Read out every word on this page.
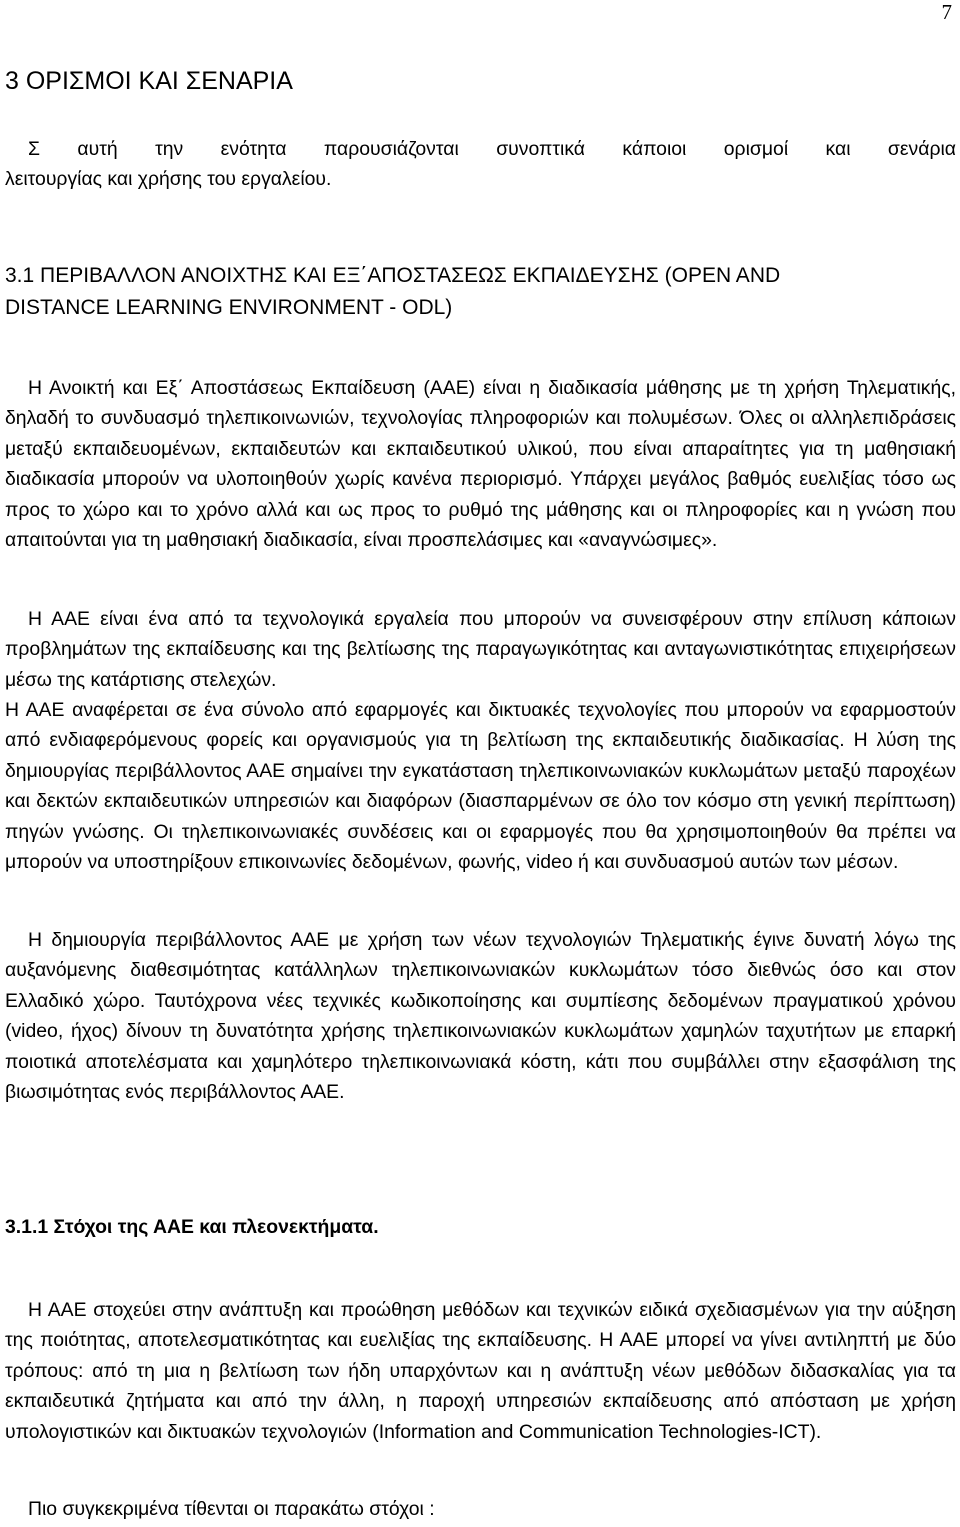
7
3 ΟΡΙΣΜΟΙ ΚΑΙ ΣΕΝΑΡΙΑ

Σ αυτή την ενότητα παρουσιάζονται συνοπτικά κάποιοι ορισμοί και σενάρια
λειτουργίας και χρήσης του εργαλείου.

3.1 ΠΕΡΙΒΑΛΛΟΝ ΑΝΟΙΧΤΗΣ ΚΑΙ ΕΞ΄ΑΠΟΣΤΑΣΕΩΣ ΕΚΠΑΙΔΕΥΣΗΣ (OPEN AND
DISTANCE LEARNING ENVIRONMENT - ODL)

Η Ανοικτή και Εξ΄ Αποστάσεως Εκπαίδευση (ΑΑΕ) είναι η διαδικασία μάθησης με τη χρήση Τηλεματικής, δηλαδή το συνδυασμό τηλεπικοινωνιών, τεχνολογίας πληροφοριών και πολυμέσων. Όλες οι αλληλεπιδράσεις μεταξύ εκπαιδευομένων, εκπαιδευτών και εκπαιδευτικού υλικού, που είναι απαραίτητες για τη μαθησιακή διαδικασία μπορούν να υλοποιηθούν χωρίς κανένα περιορισμό. Υπάρχει μεγάλος βαθμός ευελιξίας τόσο ως προς το χώρο και το χρόνο αλλά και ως προς το ρυθμό της μάθησης και οι πληροφορίες και η γνώση που απαιτούνται για τη μαθησιακή διαδικασία, είναι προσπελάσιμες και «αναγνώσιμες».

Η ΑΑΕ είναι ένα από τα τεχνολογικά εργαλεία που μπορούν να συνεισφέρουν στην επίλυση κάποιων προβλημάτων της εκπαίδευσης και της βελτίωσης της παραγωγικότητας και ανταγωνιστικότητας επιχειρήσεων μέσω της κατάρτισης στελεχών.

Η ΑΑΕ αναφέρεται σε ένα σύνολο από εφαρμογές και δικτυακές τεχνολογίες που μπορούν να εφαρμοστούν από ενδιαφερόμενους φορείς και οργανισμούς για τη βελτίωση της εκπαιδευτικής διαδικασίας. Η λύση της δημιουργίας περιβάλλοντος ΑΑΕ σημαίνει την εγκατάσταση τηλεπικοινωνιακών κυκλωμάτων μεταξύ παροχέων και δεκτών εκπαιδευτικών υπηρεσιών και διαφόρων (διασπαρμένων σε όλο τον κόσμο στη γενική περίπτωση) πηγών γνώσης. Οι τηλεπικοινωνιακές συνδέσεις και οι εφαρμογές που θα χρησιμοποιηθούν θα πρέπει να μπορούν να υποστηρίξουν επικοινωνίες δεδομένων, φωνής, video ή και συνδυασμού αυτών των μέσων.

Η δημιουργία περιβάλλοντος ΑΑΕ με χρήση των νέων τεχνολογιών Τηλεματικής έγινε δυνατή λόγω της αυξανόμενης διαθεσιμότητας κατάλληλων τηλεπικοινωνιακών κυκλωμάτων τόσο διεθνώς όσο και στον Ελλαδικό χώρο. Ταυτόχρονα νέες τεχνικές κωδικοποίησης και συμπίεσης δεδομένων πραγματικού χρόνου (video, ήχος) δίνουν τη δυνατότητα χρήσης τηλεπικοινωνιακών κυκλωμάτων χαμηλών ταχυτήτων με επαρκή ποιοτικά αποτελέσματα και χαμηλότερο τηλεπικοινωνιακά κόστη, κάτι που συμβάλλει στην εξασφάλιση της βιωσιμότητας ενός περιβάλλοντος ΑΑΕ.

3.1.1 Στόχοι της ΑΑΕ και πλεονεκτήματα.

Η ΑΑΕ στοχεύει στην ανάπτυξη και προώθηση μεθόδων και τεχνικών ειδικά σχεδιασμένων για την αύξηση της ποιότητας, αποτελεσματικότητας και ευελιξίας της εκπαίδευσης. Η ΑΑΕ μπορεί να γίνει αντιληπτή με δύο τρόπους: από τη μια η βελτίωση των ήδη υπαρχόντων και η ανάπτυξη νέων μεθόδων διδασκαλίας για τα εκπαιδευτικά ζητήματα και από την άλλη, η παροχή υπηρεσιών εκπαίδευσης από απόσταση με χρήση υπολογιστικών και δικτυακών τεχνολογιών (Information and Communication Technologies-ICT).

Πιο συγκεκριμένα τίθενται οι παρακάτω στόχοι :
